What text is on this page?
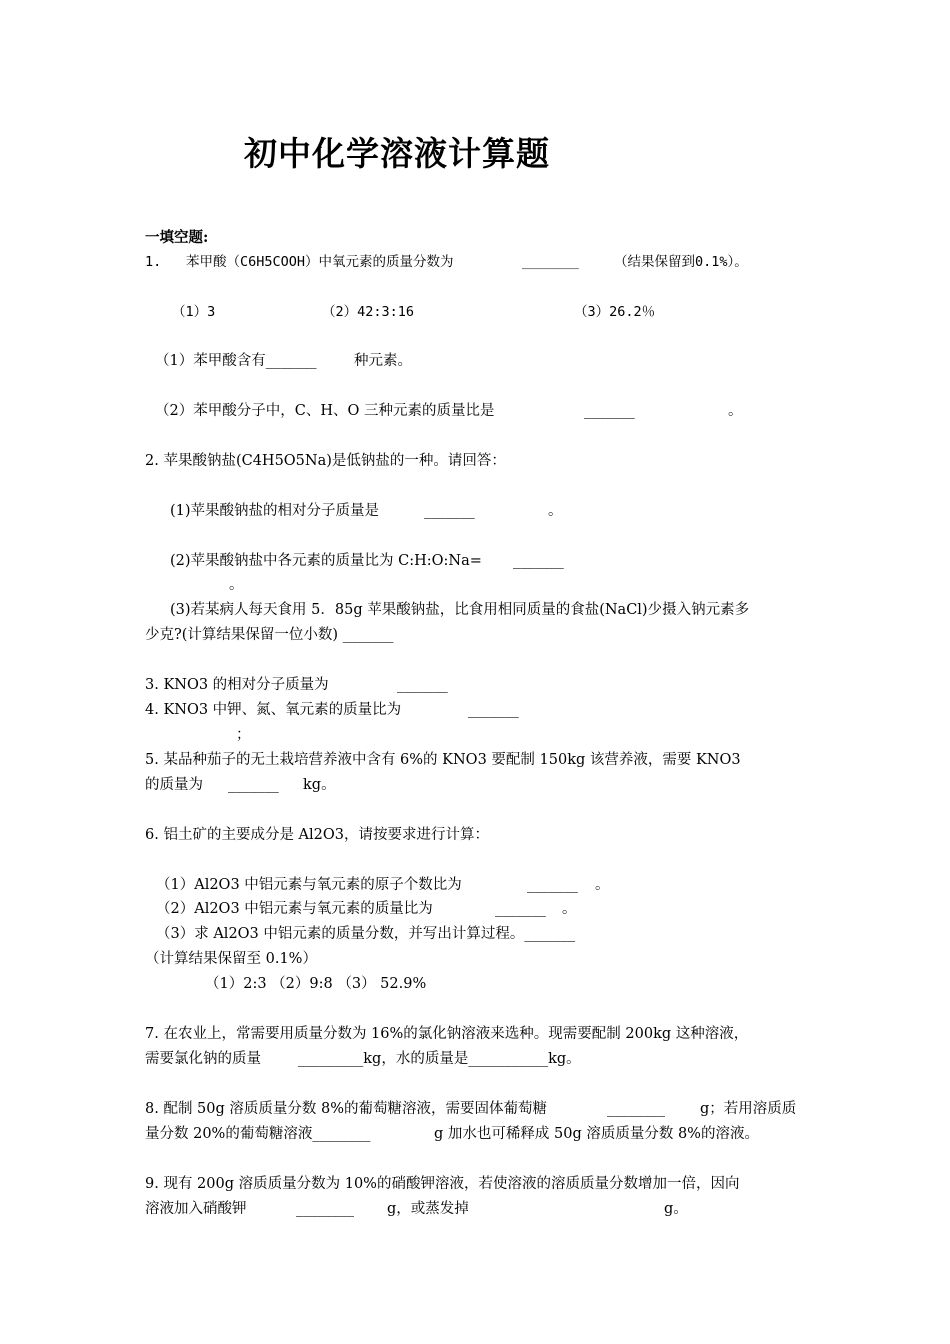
初中化学溶液计算题
一填空题:
1. 苯甲酸（C6H5COOH）中氧元素的质量分数为	_______	（结果保留到0.1%）。
（1）3	（2）42:3:16	（3）26.2％
（1）苯甲酸含有_______	种元素。
（2）苯甲酸分子中，C、H、O 三种元素的质量比是	_______	。
2. 苹果酸钠盐(C4H5O5Na)是低钠盐的一种。请回答：
(1)苹果酸钠盐的相对分子质量是	_______	。
(2)苹果酸钠盐中各元素的质量比为 C:H:O:Na= _______
。
(3)若某病人每天食用 5．85g 苹果酸钠盐，比食用相同质量的食盐(NaCl)少摄入钠元素多
少克?(计算结果保留一位小数) _______
3. KNO3 的相对分子质量为	_______
4. KNO3 中钾、氮、氧元素的质量比为	_______
；
5. 某品种茄子的无土栽培营养液中含有 6%的 KNO3 要配制 150kg 该营养液，需要 KNO3
的质量为 _______ kg。
6. 铝土矿的主要成分是 Al2O3，请按要求进行计算：
（1）Al2O3 中铝元素与氧元素的原子个数比为	_______ 。
（2）Al2O3 中铝元素与氧元素的质量比为	_______ 。
（3）求 Al2O3 中铝元素的质量分数，并写出计算过程。_______
（计算结果保留至 0.1%）
（1）2:3 （2）9:8 （3） 52.9%
7. 在农业上，常需要用质量分数为 16%的氯化钠溶液来选种。现需要配制 200kg 这种溶液，
需要氯化钠的质量	_________kg，水的质量是___________kg。
8. 配制 50g 溶质质量分数 8%的葡萄糖溶液，需要固体葡萄糖	________ g；若用溶质质
量分数 20%的葡萄糖溶液________	g 加水也可稀释成 50g 溶质质量分数 8%的溶液。
9. 现有 200g 溶质质量分数为 10%的硝酸钾溶液，若使溶液的溶质质量分数增加一倍，因向
溶液加入硝酸钾	________ g，或蒸发掉	g。
